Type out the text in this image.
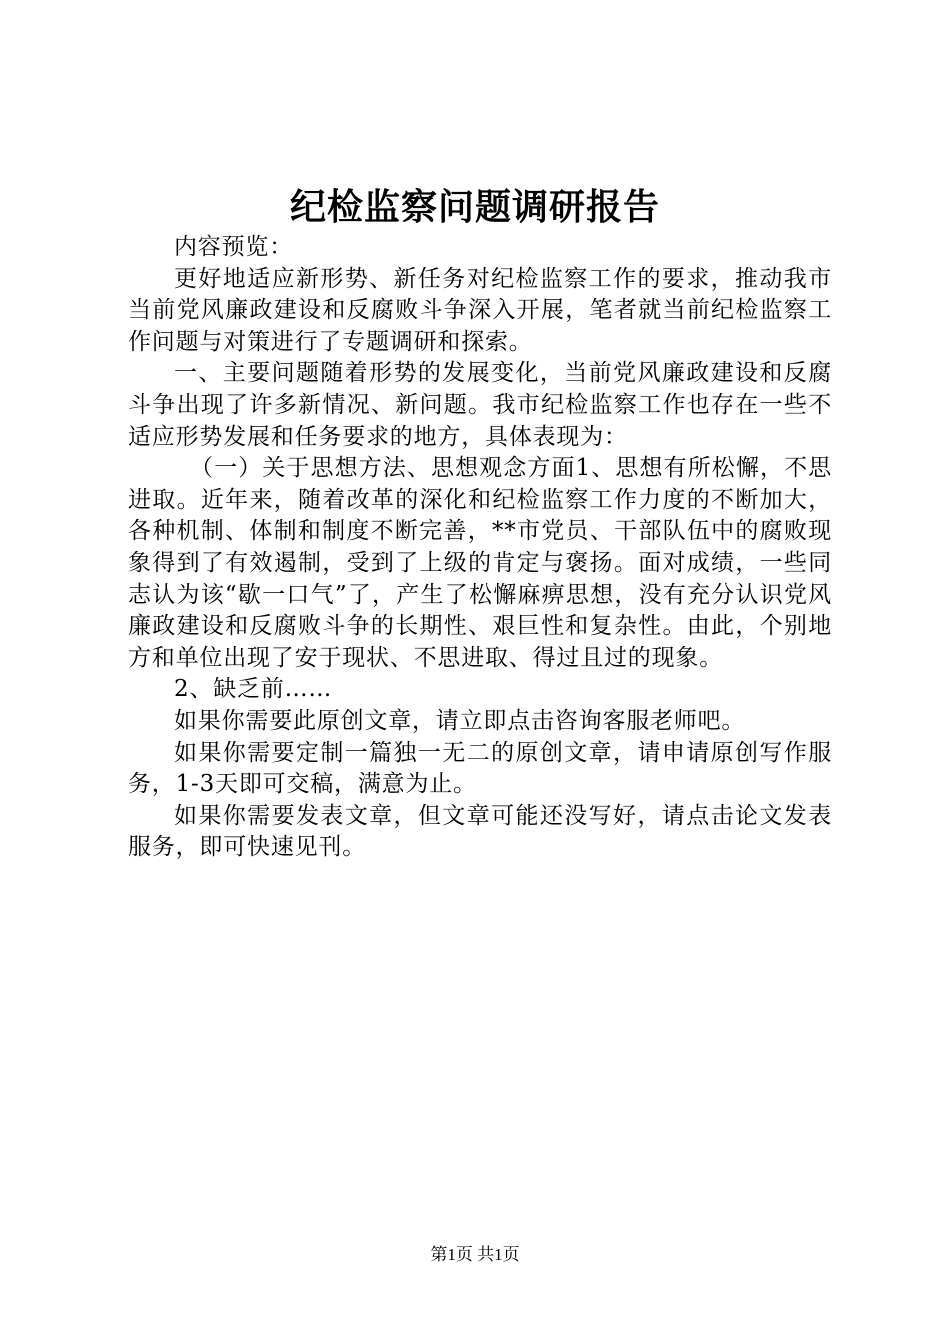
纪检监察问题调研报告

内容预览：

更好地适应新形势、新任务对纪检监察工作的要求，推动我市当前党风廉政建设和反腐败斗争深入开展，笔者就当前纪检监察工作问题与对策进行了专题调研和探索。

一、主要问题随着形势的发展变化，当前党风廉政建设和反腐斗争出现了许多新情况、新问题。我市纪检监察工作也存在一些不适应形势发展和任务要求的地方，具体表现为：

（一）关于思想方法、思想观念方面1、思想有所松懈，不思进取。近年来，随着改革的深化和纪检监察工作力度的不断加大，各种机制、体制和制度不断完善，**市党员、干部队伍中的腐败现象得到了有效遏制，受到了上级的肯定与褒扬。面对成绩，一些同志认为该“歇一口气”了，产生了松懈麻痹思想，没有充分认识党风廉政建设和反腐败斗争的长期性、艰巨性和复杂性。由此，个别地方和单位出现了安于现状、不思进取、得过且过的现象。

2、缺乏前……

如果你需要此原创文章，请立即点击咨询客服老师吧。

如果你需要定制一篇独一无二的原创文章，请申请原创写作服务，1-3天即可交稿，满意为止。

如果你需要发表文章，但文章可能还没写好，请点击论文发表服务，即可快速见刊。

第1页 共1页
